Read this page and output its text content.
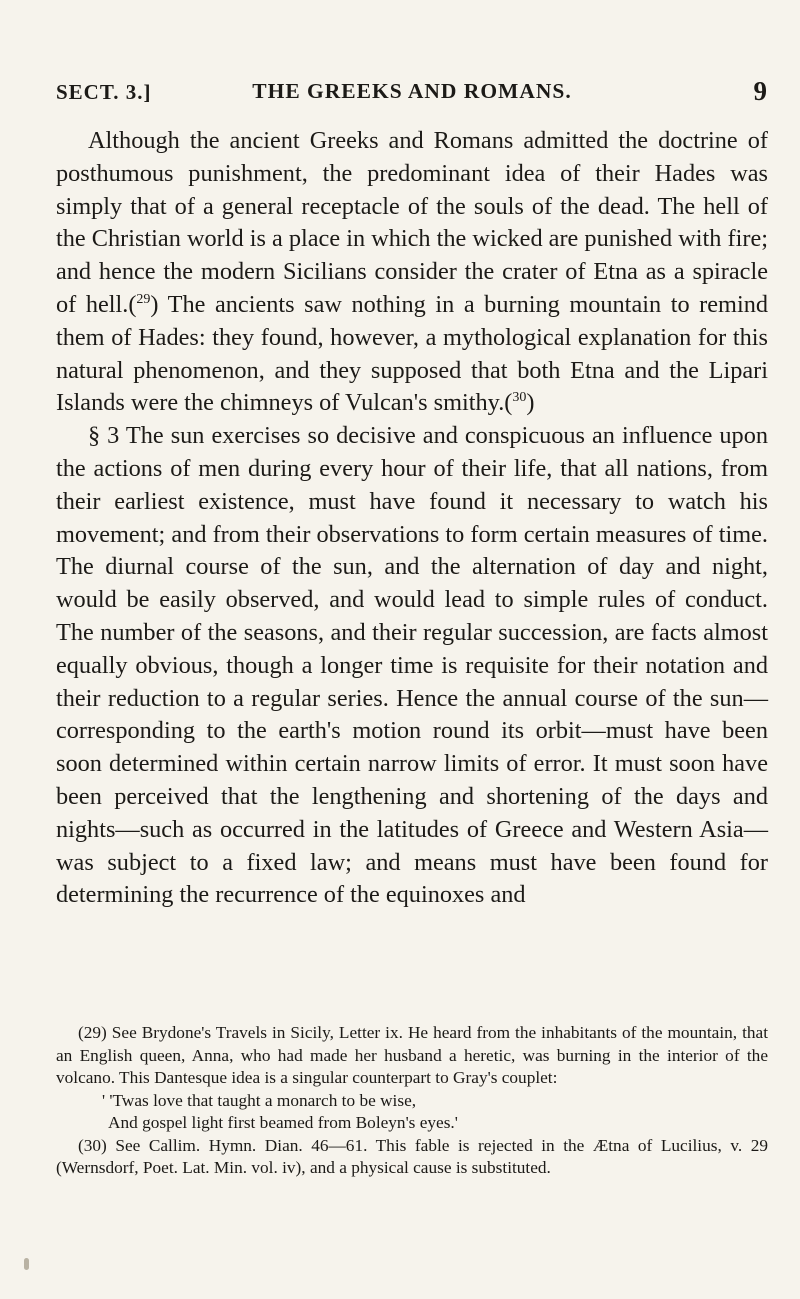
SECT. 3.]	THE GREEKS AND ROMANS.	9

Although the ancient Greeks and Romans admitted the doctrine of posthumous punishment, the predominant idea of their Hades was simply that of a general receptacle of the souls of the dead. The hell of the Christian world is a place in which the wicked are punished with fire; and hence the modern Sicilians consider the crater of Etna as a spiracle of hell.($^{29}$) The ancients saw nothing in a burning mountain to remind them of Hades: they found, however, a mythological explanation for this natural phenomenon, and they supposed that both Etna and the Lipari Islands were the chimneys of Vulcan's smithy.($^{30}$)

§ 3 The sun exercises so decisive and conspicuous an influence upon the actions of men during every hour of their life, that all nations, from their earliest existence, must have found it necessary to watch his movement; and from their observations to form certain measures of time. The diurnal course of the sun, and the alternation of day and night, would be easily observed, and would lead to simple rules of conduct. The number of the seasons, and their regular succession, are facts almost equally obvious, though a longer time is requisite for their notation and their reduction to a regular series. Hence the annual course of the sun—corresponding to the earth's motion round its orbit—must have been soon determined within certain narrow limits of error. It must soon have been perceived that the lengthening and shortening of the days and nights—such as occurred in the latitudes of Greece and Western Asia—was subject to a fixed law; and means must have been found for determining the recurrence of the equinoxes and

(29) See Brydone's Travels in Sicily, Letter ix. He heard from the inhabitants of the mountain, that an English queen, Anna, who had made her husband a heretic, was burning in the interior of the volcano. This Dantesque idea is a singular counterpart to Gray's couplet:

' 'Twas love that taught a monarch to be wise,

And gospel light first beamed from Boleyn's eyes.'

(30) See Callim. Hymn. Dian. 46—61. This fable is rejected in the Ætna of Lucilius, v. 29 (Wernsdorf, Poet. Lat. Min. vol. iv), and a physical cause is substituted.
